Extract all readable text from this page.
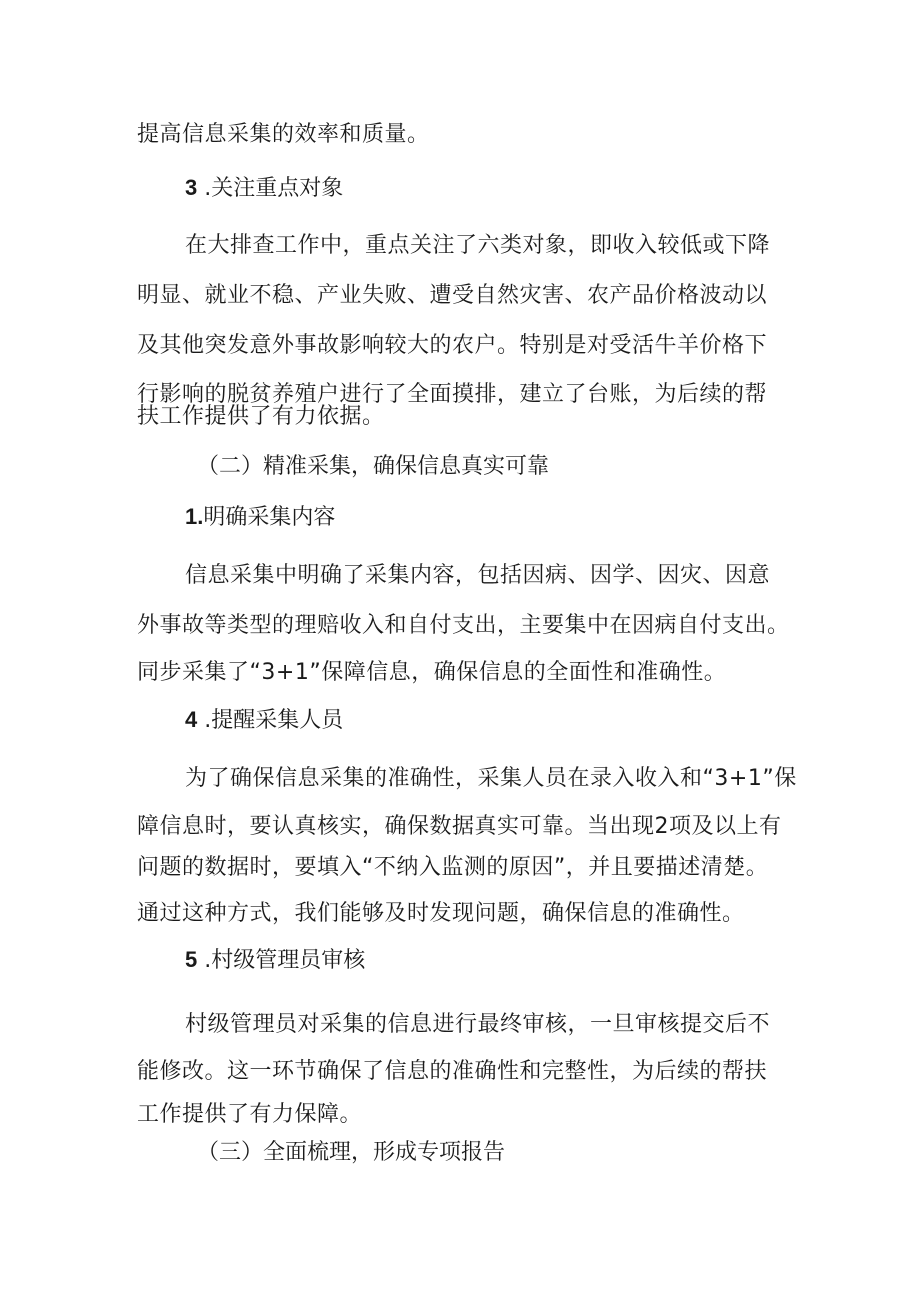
提高信息采集的效率和质量。
3 .关注重点对象
在大排查工作中，重点关注了六类对象，即收入较低或下降
明显、就业不稳、产业失败、遭受自然灾害、农产品价格波动以
及其他突发意外事故影响较大的农户。特别是对受活牛羊价格下
行影响的脱贫养殖户进行了全面摸排，建立了台账，为后续的帮
扶工作提供了有力依据。
（二）精准采集，确保信息真实可靠
1.明确采集内容
信息采集中明确了采集内容，包括因病、因学、因灾、因意
外事故等类型的理赔收入和自付支出，主要集中在因病自付支出。
同步采集了“3+1”保障信息，确保信息的全面性和准确性。
4 .提醒采集人员
为了确保信息采集的准确性，采集人员在录入收入和“3+1”保
障信息时，要认真核实，确保数据真实可靠。当出现2项及以上有
问题的数据时，要填入“不纳入监测的原因”，并且要描述清楚。
通过这种方式，我们能够及时发现问题，确保信息的准确性。
5 .村级管理员审核
村级管理员对采集的信息进行最终审核，一旦审核提交后不
能修改。这一环节确保了信息的准确性和完整性，为后续的帮扶
工作提供了有力保障。
（三）全面梳理，形成专项报告
